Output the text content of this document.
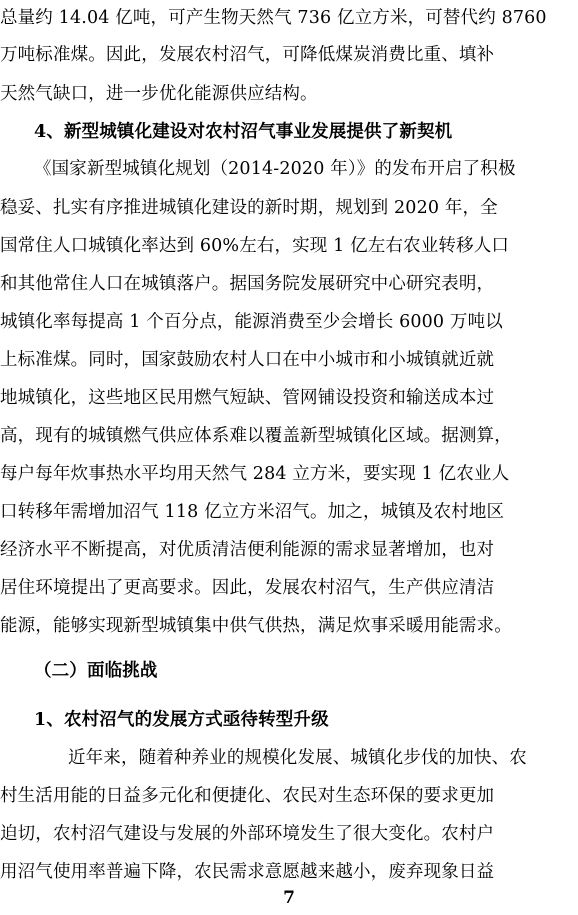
总量约 14.04 亿吨，可产生物天然气 736 亿立方米，可替代约 8760
万吨标准煤。因此，发展农村沼气，可降低煤炭消费比重、填补
天然气缺口，进一步优化能源供应结构。
4、新型城镇化建设对农村沼气事业发展提供了新契机
《国家新型城镇化规划（2014-2020 年）》的发布开启了积极
稳妥、扎实有序推进城镇化建设的新时期，规划到 2020 年，全
国常住人口城镇化率达到 60%左右，实现 1 亿左右农业转移人口
和其他常住人口在城镇落户。据国务院发展研究中心研究表明，
城镇化率每提高 1 个百分点，能源消费至少会增长 6000 万吨以
上标准煤。同时，国家鼓励农村人口在中小城市和小城镇就近就
地城镇化，这些地区民用燃气短缺、管网铺设投资和输送成本过
高，现有的城镇燃气供应体系难以覆盖新型城镇化区域。据测算，
每户每年炊事热水平均用天然气 284 立方米，要实现 1 亿农业人
口转移年需增加沼气 118 亿立方米沼气。加之，城镇及农村地区
经济水平不断提高，对优质清洁便利能源的需求显著增加，也对
居住环境提出了更高要求。因此，发展农村沼气，生产供应清洁
能源，能够实现新型城镇集中供气供热，满足炊事采暖用能需求。
（二）面临挑战
1、农村沼气的发展方式亟待转型升级
近年来，随着种养业的规模化发展、城镇化步伐的加快、农
村生活用能的日益多元化和便捷化、农民对生态环保的要求更加
迫切，农村沼气建设与发展的外部环境发生了很大变化。农村户
用沼气使用率普遍下降，农民需求意愿越来越小，废弃现象日益
7
